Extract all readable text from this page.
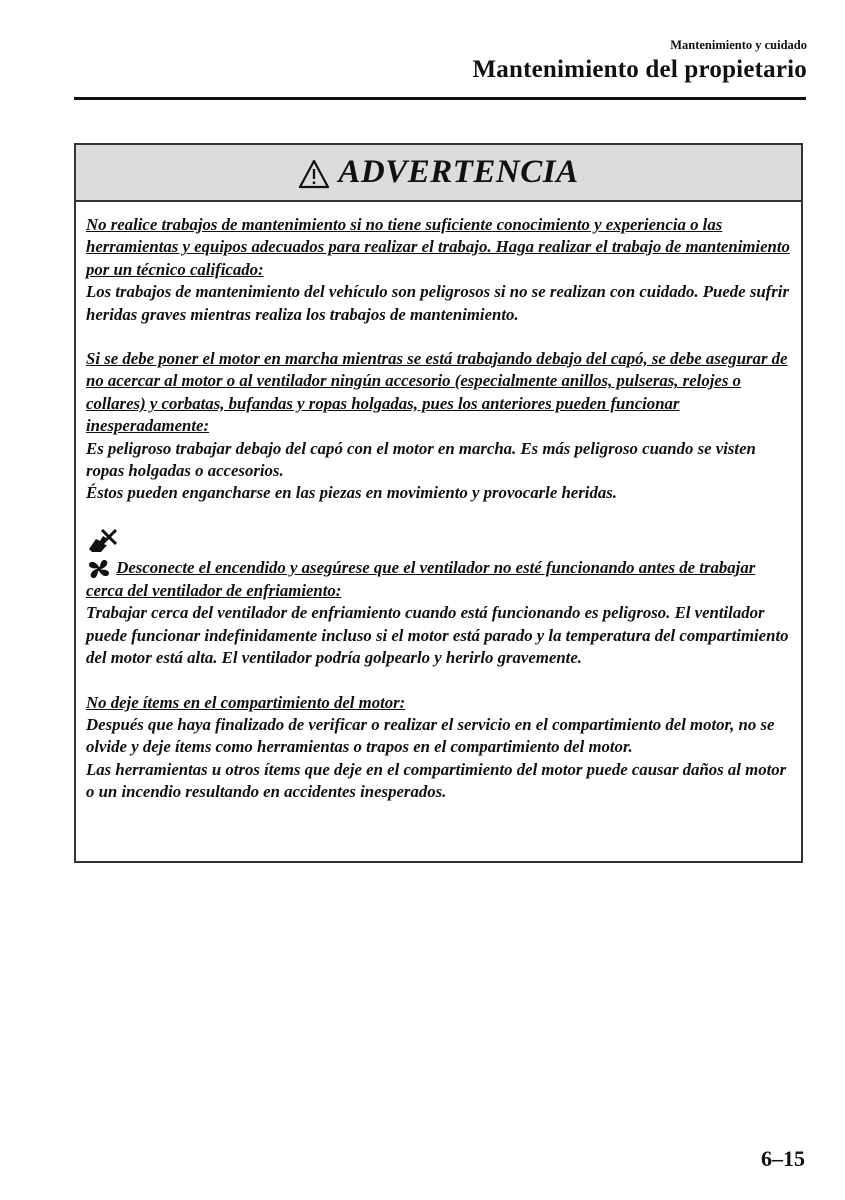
Mantenimiento y cuidado
Mantenimiento del propietario
ADVERTENCIA

No realice trabajos de mantenimiento si no tiene suficiente conocimiento y experiencia o las herramientas y equipos adecuados para realizar el trabajo. Haga realizar el trabajo de mantenimiento por un técnico calificado:

Los trabajos de mantenimiento del vehículo son peligrosos si no se realizan con cuidado. Puede sufrir heridas graves mientras realiza los trabajos de mantenimiento.

Si se debe poner el motor en marcha mientras se está trabajando debajo del capó, se debe asegurar de no acercar al motor o al ventilador ningún accesorio (especialmente anillos, pulseras, relojes o collares) y corbatas, bufandas y ropas holgadas, pues los anteriores pueden funcionar inesperadamente:

Es peligroso trabajar debajo del capó con el motor en marcha. Es más peligroso cuando se visten ropas holgadas o accesorios.

Éstos pueden engancharse en las piezas en movimiento y provocarle heridas.

Desconecte el encendido y asegúrese que el ventilador no esté funcionando antes de trabajar cerca del ventilador de enfriamiento:

Trabajar cerca del ventilador de enfriamiento cuando está funcionando es peligroso. El ventilador puede funcionar indefinidamente incluso si el motor está parado y la temperatura del compartimiento del motor está alta. El ventilador podría golpearlo y herirlo gravemente.

No deje ítems en el compartimiento del motor:

Después que haya finalizado de verificar o realizar el servicio en el compartimiento del motor, no se olvide y deje ítems como herramientas o trapos en el compartimiento del motor.

Las herramientas u otros ítems que deje en el compartimiento del motor puede causar daños al motor o un incendio resultando en accidentes inesperados.

6–15
